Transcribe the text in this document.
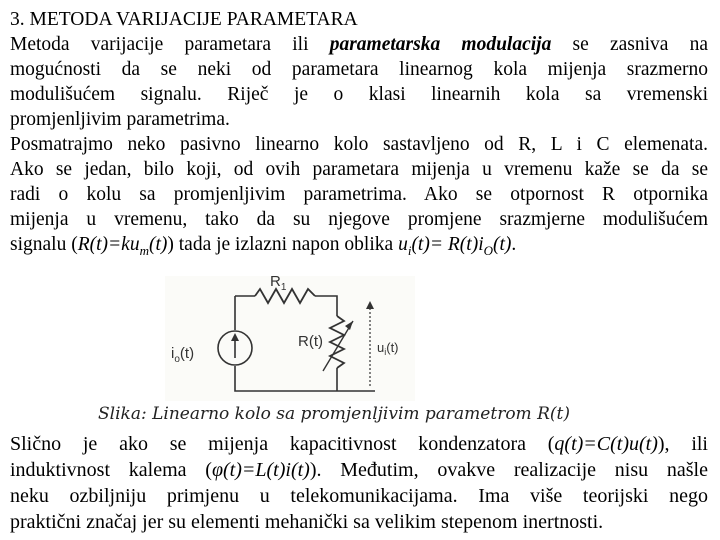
3. METODA VARIJACIJE PARAMETARA
Metoda varijacije parametara ili parametarska modulacija se zasniva na
mogućnosti da se neki od parametara linearnog kola mijenja srazmerno
modulišućem signalu. Riječ je o klasi linearnih kola sa vremenski
promjenljivim parametrima.
Posmatrajmo neko pasivno linearno kolo sastavljeno od R, L i C elemenata.
Ako se jedan, bilo koji, od ovih parametara mijenja u vremenu kaže se da se
radi o kolu sa promjenljivim parametrima. Ako se otpornost R otpornika
mijenja u vremenu, tako da su njegove promjene srazmjerne modulišućem
signalu $(R(t)=ku_m(t))$ tada je izlazni napon oblika $u_i(t)= R(t)i_O(t)$.
$R_1$
R(t)
$i_o(t)$	$u_i(t)$
Slika: Linearno kolo sa promjenljivim parametrom R(t)
Slično je ako se mijenja kapacitivnost kondenzatora (q(t)=C(t)u(t)), ili
induktivnost kalema (φ(t)=L(t)i(t)). Međutim, ovakve realizacije nisu našle
neku ozbiljniju primjenu u telekomunikacijama. Ima više teorijski nego
praktični značaj jer su elementi mehanički sa velikim stepenom inertnosti.
